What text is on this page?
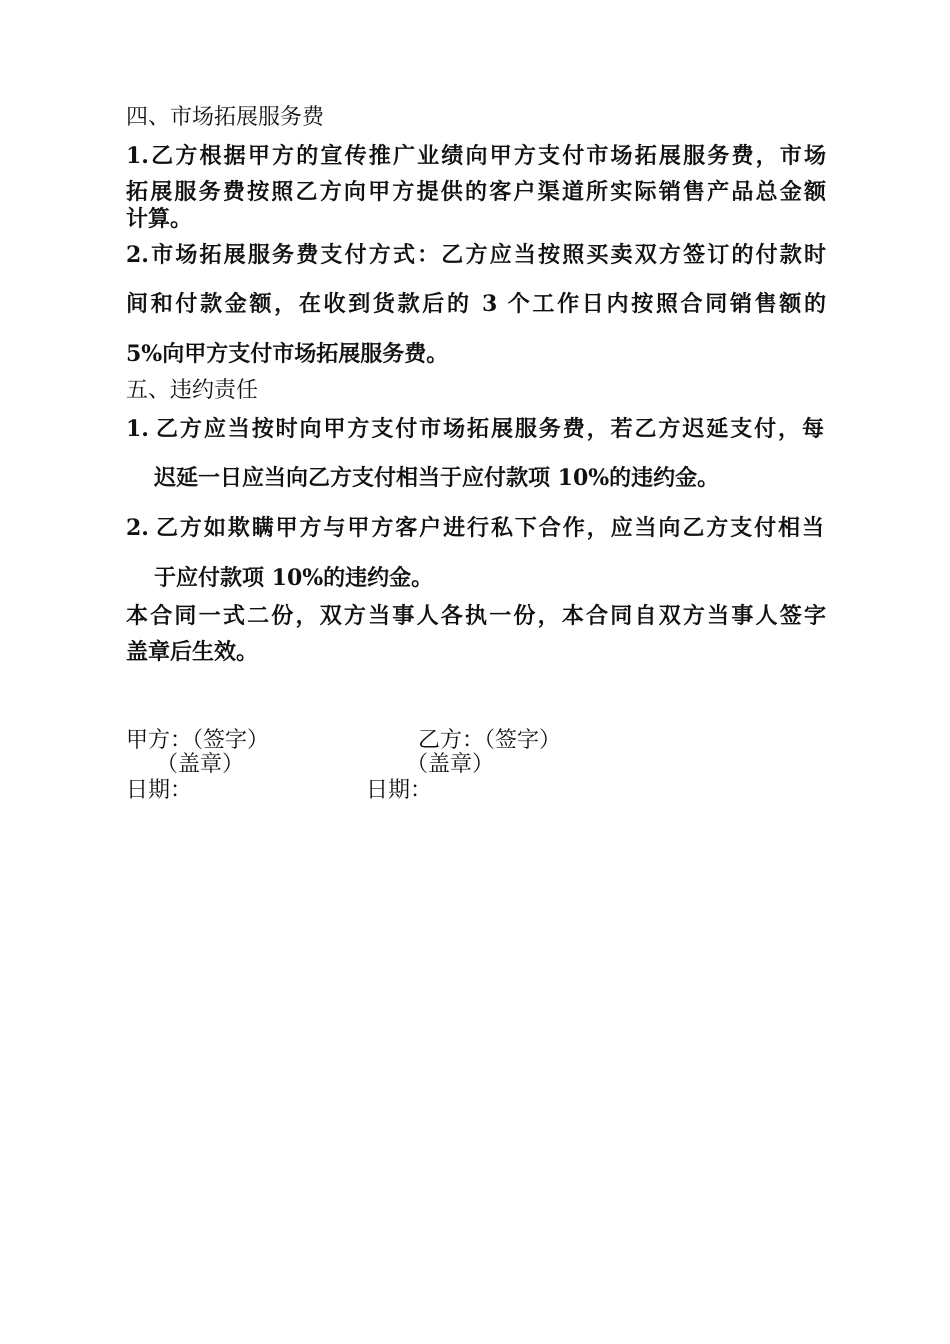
四、市场拓展服务费
1.乙方根据甲方的宣传推广业绩向甲方支付市场拓展服务费，市场
拓展服务费按照乙方向甲方提供的客户渠道所实际销售产品总金额
计算。
2.市场拓展服务费支付方式：乙方应当按照买卖双方签订的付款时
间和付款金额，在收到货款后的 3 个工作日内按照合同销售额的
5%向甲方支付市场拓展服务费。
五、违约责任
1. 乙方应当按时向甲方支付市场拓展服务费，若乙方迟延支付，每
迟延一日应当向乙方支付相当于应付款项 10%的违约金。
2. 乙方如欺瞒甲方与甲方客户进行私下合作，应当向乙方支付相当
于应付款项 10%的违约金。
本合同一式二份，双方当事人各执一份，本合同自双方当事人签字
盖章后生效。
甲方：（签字）
（盖章）
日期：
乙方：（签字）
（盖章）
日期：
